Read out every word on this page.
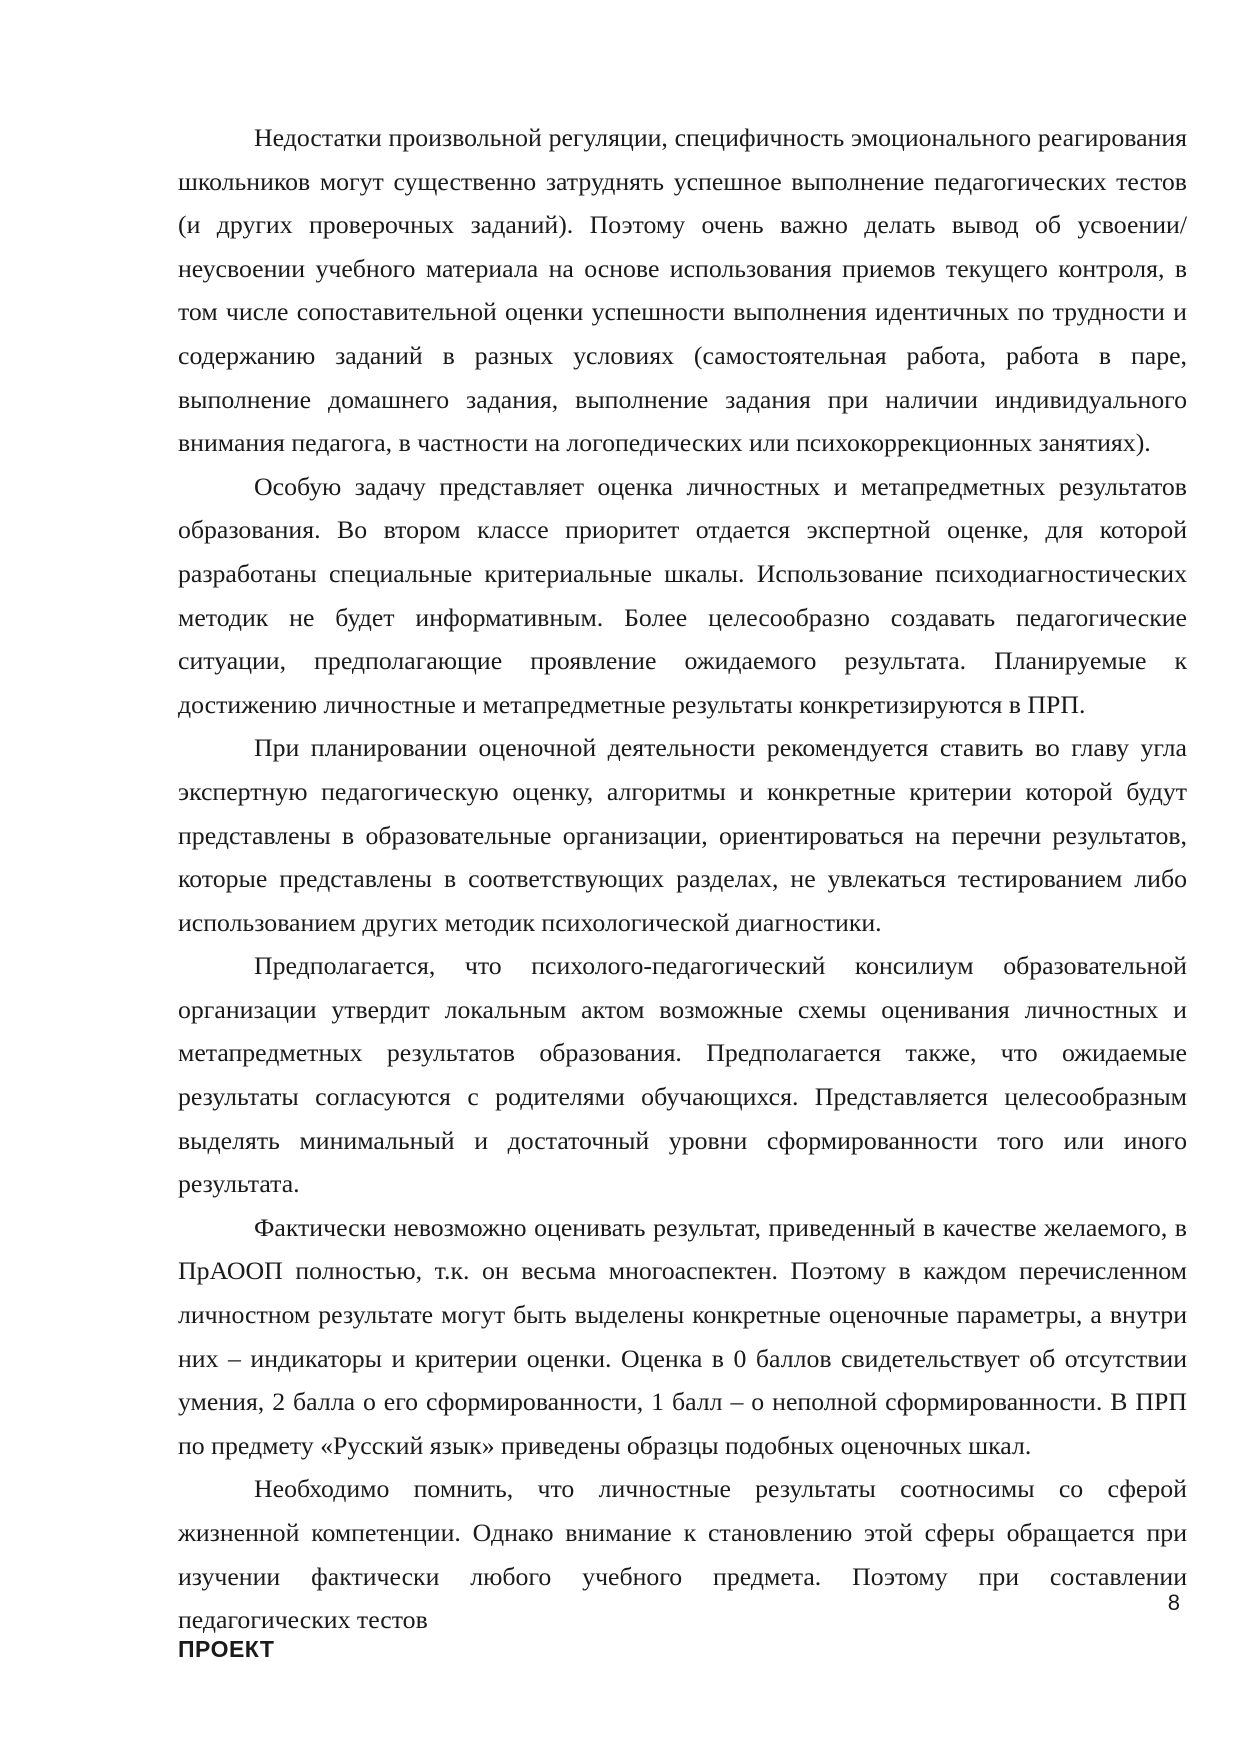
Недостатки произвольной регуляции, специфичность эмоционального реагирования школьников могут существенно затруднять успешное выполнение педагогических тестов (и других проверочных заданий). Поэтому очень важно делать вывод об усвоении/неусвоении учебного материала на основе использования приемов текущего контроля, в том числе сопоставительной оценки успешности выполнения идентичных по трудности и содержанию заданий в разных условиях (самостоятельная работа, работа в паре, выполнение домашнего задания, выполнение задания при наличии индивидуального внимания педагога, в частности на логопедических или психокоррекционных занятиях).

Особую задачу представляет оценка личностных и метапредметных результатов образования. Во втором классе приоритет отдается экспертной оценке, для которой разработаны специальные критериальные шкалы. Использование психодиагностических методик не будет информативным. Более целесообразно создавать педагогические ситуации, предполагающие проявление ожидаемого результата. Планируемые к достижению личностные и метапредметные результаты конкретизируются в ПРП.

При планировании оценочной деятельности рекомендуется ставить во главу угла экспертную педагогическую оценку, алгоритмы и конкретные критерии которой будут представлены в образовательные организации, ориентироваться на перечни результатов, которые представлены в соответствующих разделах, не увлекаться тестированием либо использованием других методик психологической диагностики.

Предполагается, что психолого-педагогический консилиум образовательной организации утвердит локальным актом возможные схемы оценивания личностных и метапредметных результатов образования. Предполагается также, что ожидаемые результаты согласуются с родителями обучающихся. Представляется целесообразным выделять минимальный и достаточный уровни сформированности того или иного результата.

Фактически невозможно оценивать результат, приведенный в качестве желаемого, в ПрАООП полностью, т.к. он весьма многоаспектен. Поэтому в каждом перечисленном личностном результате могут быть выделены конкретные оценочные параметры, а внутри них – индикаторы и критерии оценки. Оценка в 0 баллов свидетельствует об отсутствии умения, 2 балла о его сформированности, 1 балл – о неполной сформированности. В ПРП по предмету «Русский язык» приведены образцы подобных оценочных шкал.

Необходимо помнить, что личностные результаты соотносимы со сферой жизненной компетенции. Однако внимание к становлению этой сферы обращается при изучении фактически любого учебного предмета. Поэтому при составлении педагогических тестов

8

ПРОЕКТ
